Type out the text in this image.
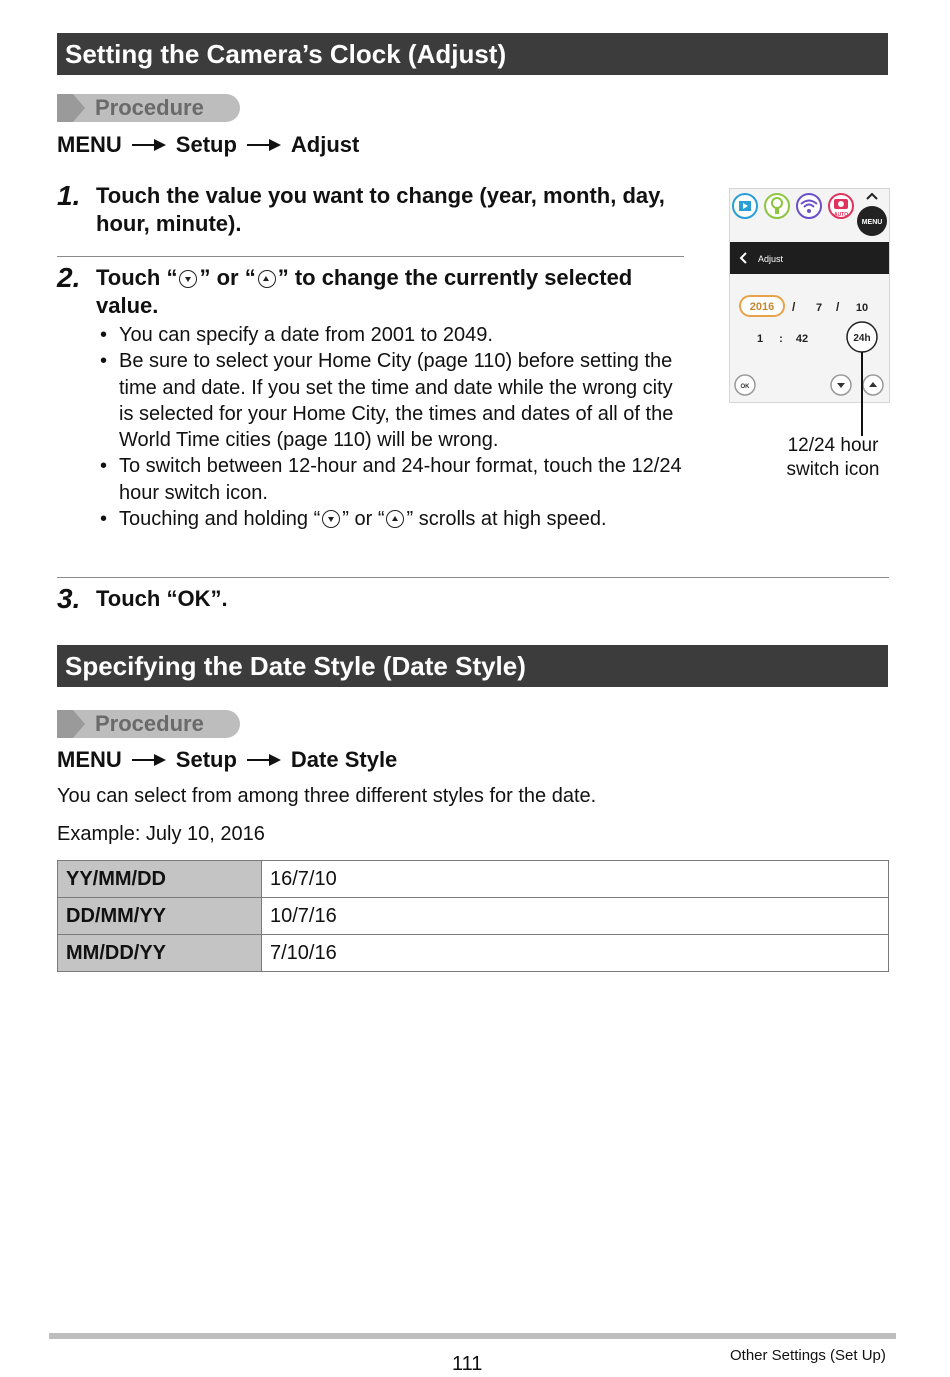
Setting the Camera’s Clock (Adjust)
Procedure
MENU Setup Adjust
1. Touch the value you want to change (year, month, day, hour, minute).
2. Touch “ ” or “ ” to change the currently selected value.
• You can specify a date from 2001 to 2049.
• Be sure to select your Home City (page 110) before setting the time and date. If you set the time and date while the wrong city is selected for your Home City, the times and dates of all of the World Time cities (page 110) will be wrong.
• To switch between 12-hour and 24-hour format, touch the 12/24 hour switch icon.
• Touching and holding “ ” or “ ” scrolls at high speed.
AUTO
MENU
Adjust
2016 / 7 / 10
1 : 42	24h
OK
12/24 hour
switch icon
3. Touch “OK”.
Specifying the Date Style (Date Style)
Procedure
MENU Setup Date Style
You can select from among three different styles for the date.
Example: July 10, 2016
YY/MM/DD	16/7/10
DD/MM/YY	10/7/16
MM/DD/YY	7/10/16
111	Other Settings (Set Up)
